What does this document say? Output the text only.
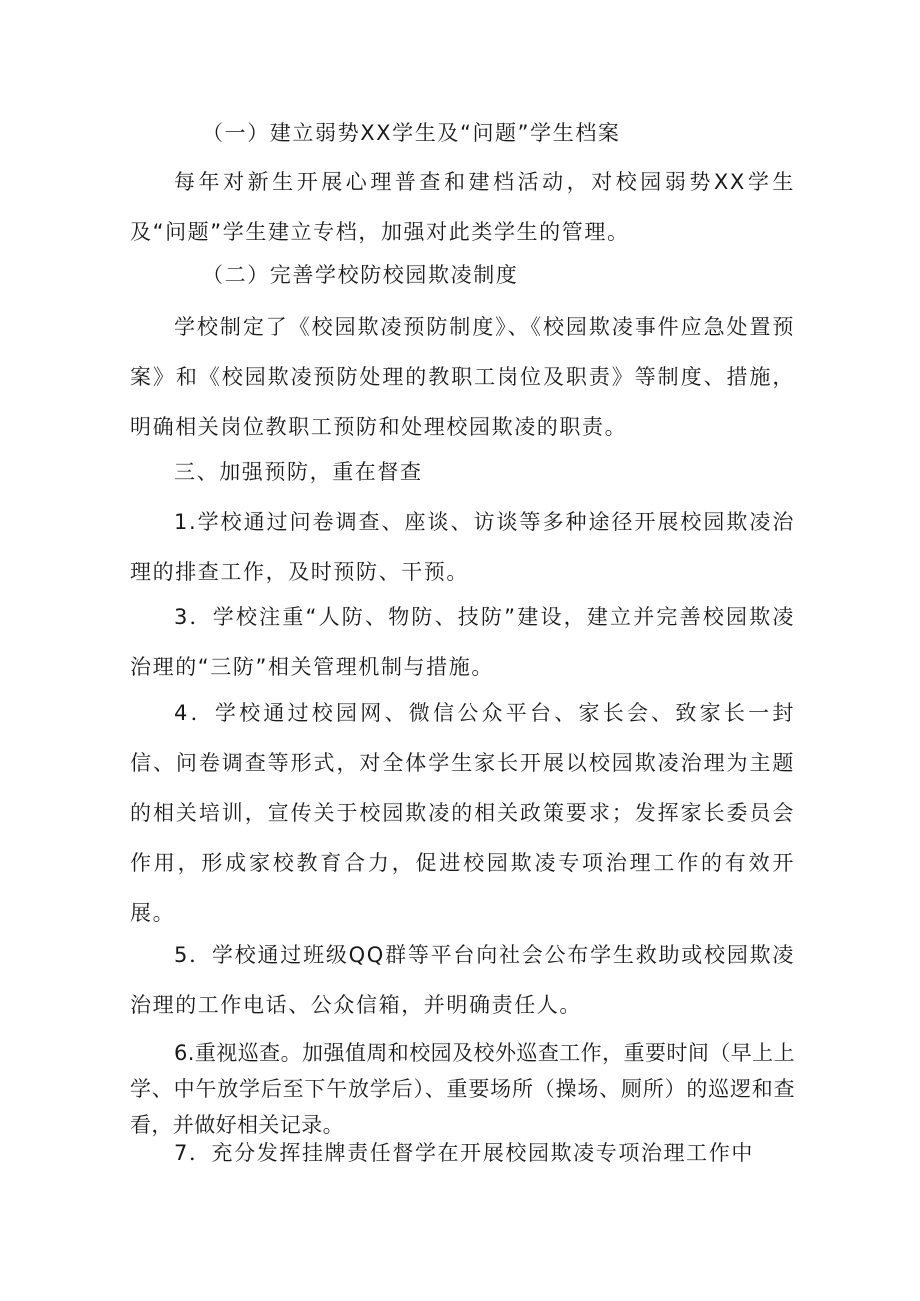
（一）建立弱势XX学生及“问题”学生档案

每年对新生开展心理普查和建档活动，对校园弱势XX学生及“问题”学生建立专档，加强对此类学生的管理。

（二）完善学校防校园欺凌制度

学校制定了《校园欺凌预防制度》、《校园欺凌事件应急处置预案》和《校园欺凌预防处理的教职工岗位及职责》等制度、措施，明确相关岗位教职工预防和处理校园欺凌的职责。

三、加强预防，重在督查

1.学校通过问卷调查、座谈、访谈等多种途径开展校园欺凌治理的排查工作，及时预防、干预。

3．学校注重“人防、物防、技防”建设，建立并完善校园欺凌治理的“三防”相关管理机制与措施。

4．学校通过校园网、微信公众平台、家长会、致家长一封信、问卷调查等形式，对全体学生家长开展以校园欺凌治理为主题的相关培训，宣传关于校园欺凌的相关政策要求；发挥家长委员会作用，形成家校教育合力，促进校园欺凌专项治理工作的有效开展。

5．学校通过班级QQ群等平台向社会公布学生救助或校园欺凌治理的工作电话、公众信箱，并明确责任人。

6.重视巡查。加强值周和校园及校外巡查工作，重要时间（早上上学、中午放学后至下午放学后）、重要场所（操场、厕所）的巡逻和查看，并做好相关记录。

7．充分发挥挂牌责任督学在开展校园欺凌专项治理工作中
